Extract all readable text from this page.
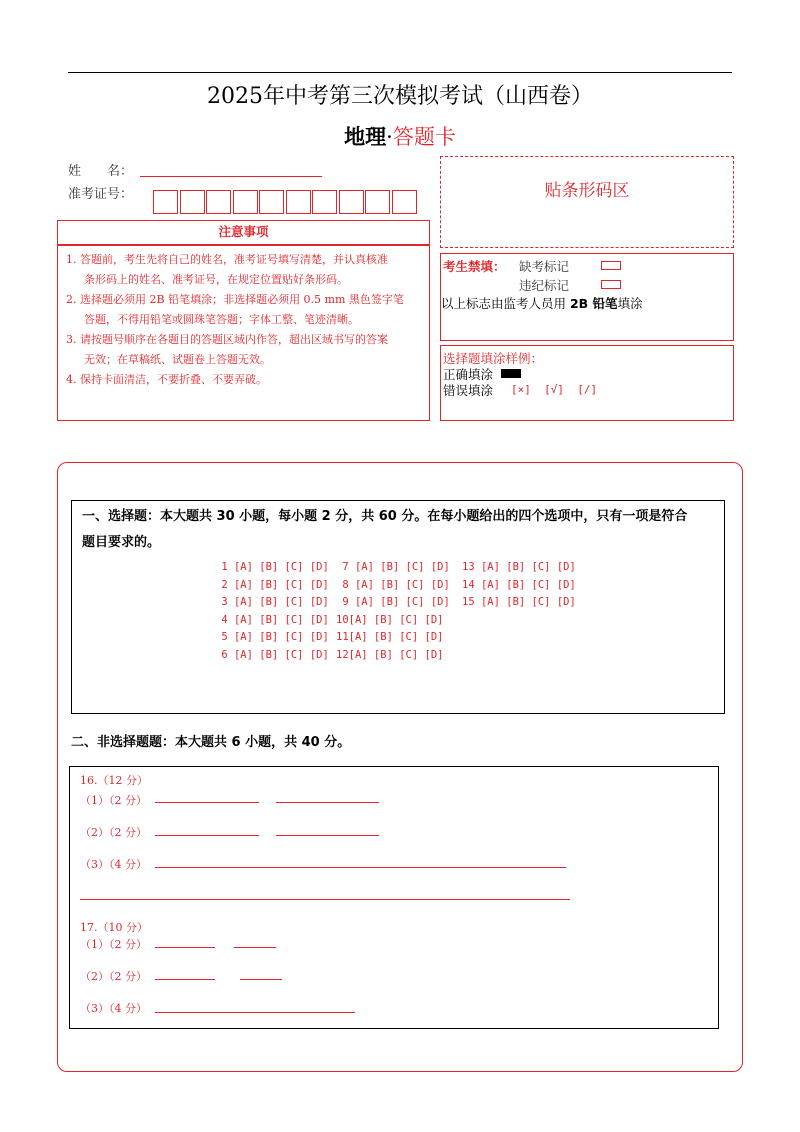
2025年中考第三次模拟考试（山西卷）
地理·答题卡
姓　　名：
准考证号：	贴条形码区
注意事项

1. 答题前，考生先将自己的姓名，准考证号填写清楚，并认真核准

条形码上的姓名、准考证号，在规定位置贴好条形码。

2. 选择题必须用 2B 铅笔填涂；非选择题必须用 0.5 mm 黑色签字笔

答题，不得用铅笔或圆珠笔答题；字体工整、笔迹清晰。

3. 请按题号顺序在各题目的答题区域内作答，超出区域书写的答案

无效；在草稿纸、试题卷上答题无效。

4. 保持卡面清洁，不要折叠、不要弄破。

考生禁填： 缺考标记
违纪标记
以上标志由监考人员用 2B 铅笔填涂
选择题填涂样例：
正确填涂
错误填涂 [×]  [√]  [/]
一、选择题：本大题共 30 小题，每小题 2 分，共 60 分。在每小题给出的四个选项中，只有一项是符合
题目要求的。
1 [A] [B] [C] [D]
2 [A] [B] [C] [D]
3 [A] [B] [C] [D]
4 [A] [B] [C] [D]
5 [A] [B] [C] [D]
6 [A] [B] [C] [D]
7 [A] [B] [C] [D]
8 [A] [B] [C] [D]
9 [A] [B] [C] [D]
10[A] [B] [C] [D]
11[A] [B] [C] [D]
12[A] [B] [C] [D]
13 [A] [B] [C] [D]
14 [A] [B] [C] [D]
15 [A] [B] [C] [D]
二、非选择题题：本大题共 6 小题，共 40 分。
16.（12 分）
（1）（2 分）
（2）（2 分）
（3）（4 分）
17.（10 分）
（1）（2 分）
（2）（2 分）
（3）（4 分）
